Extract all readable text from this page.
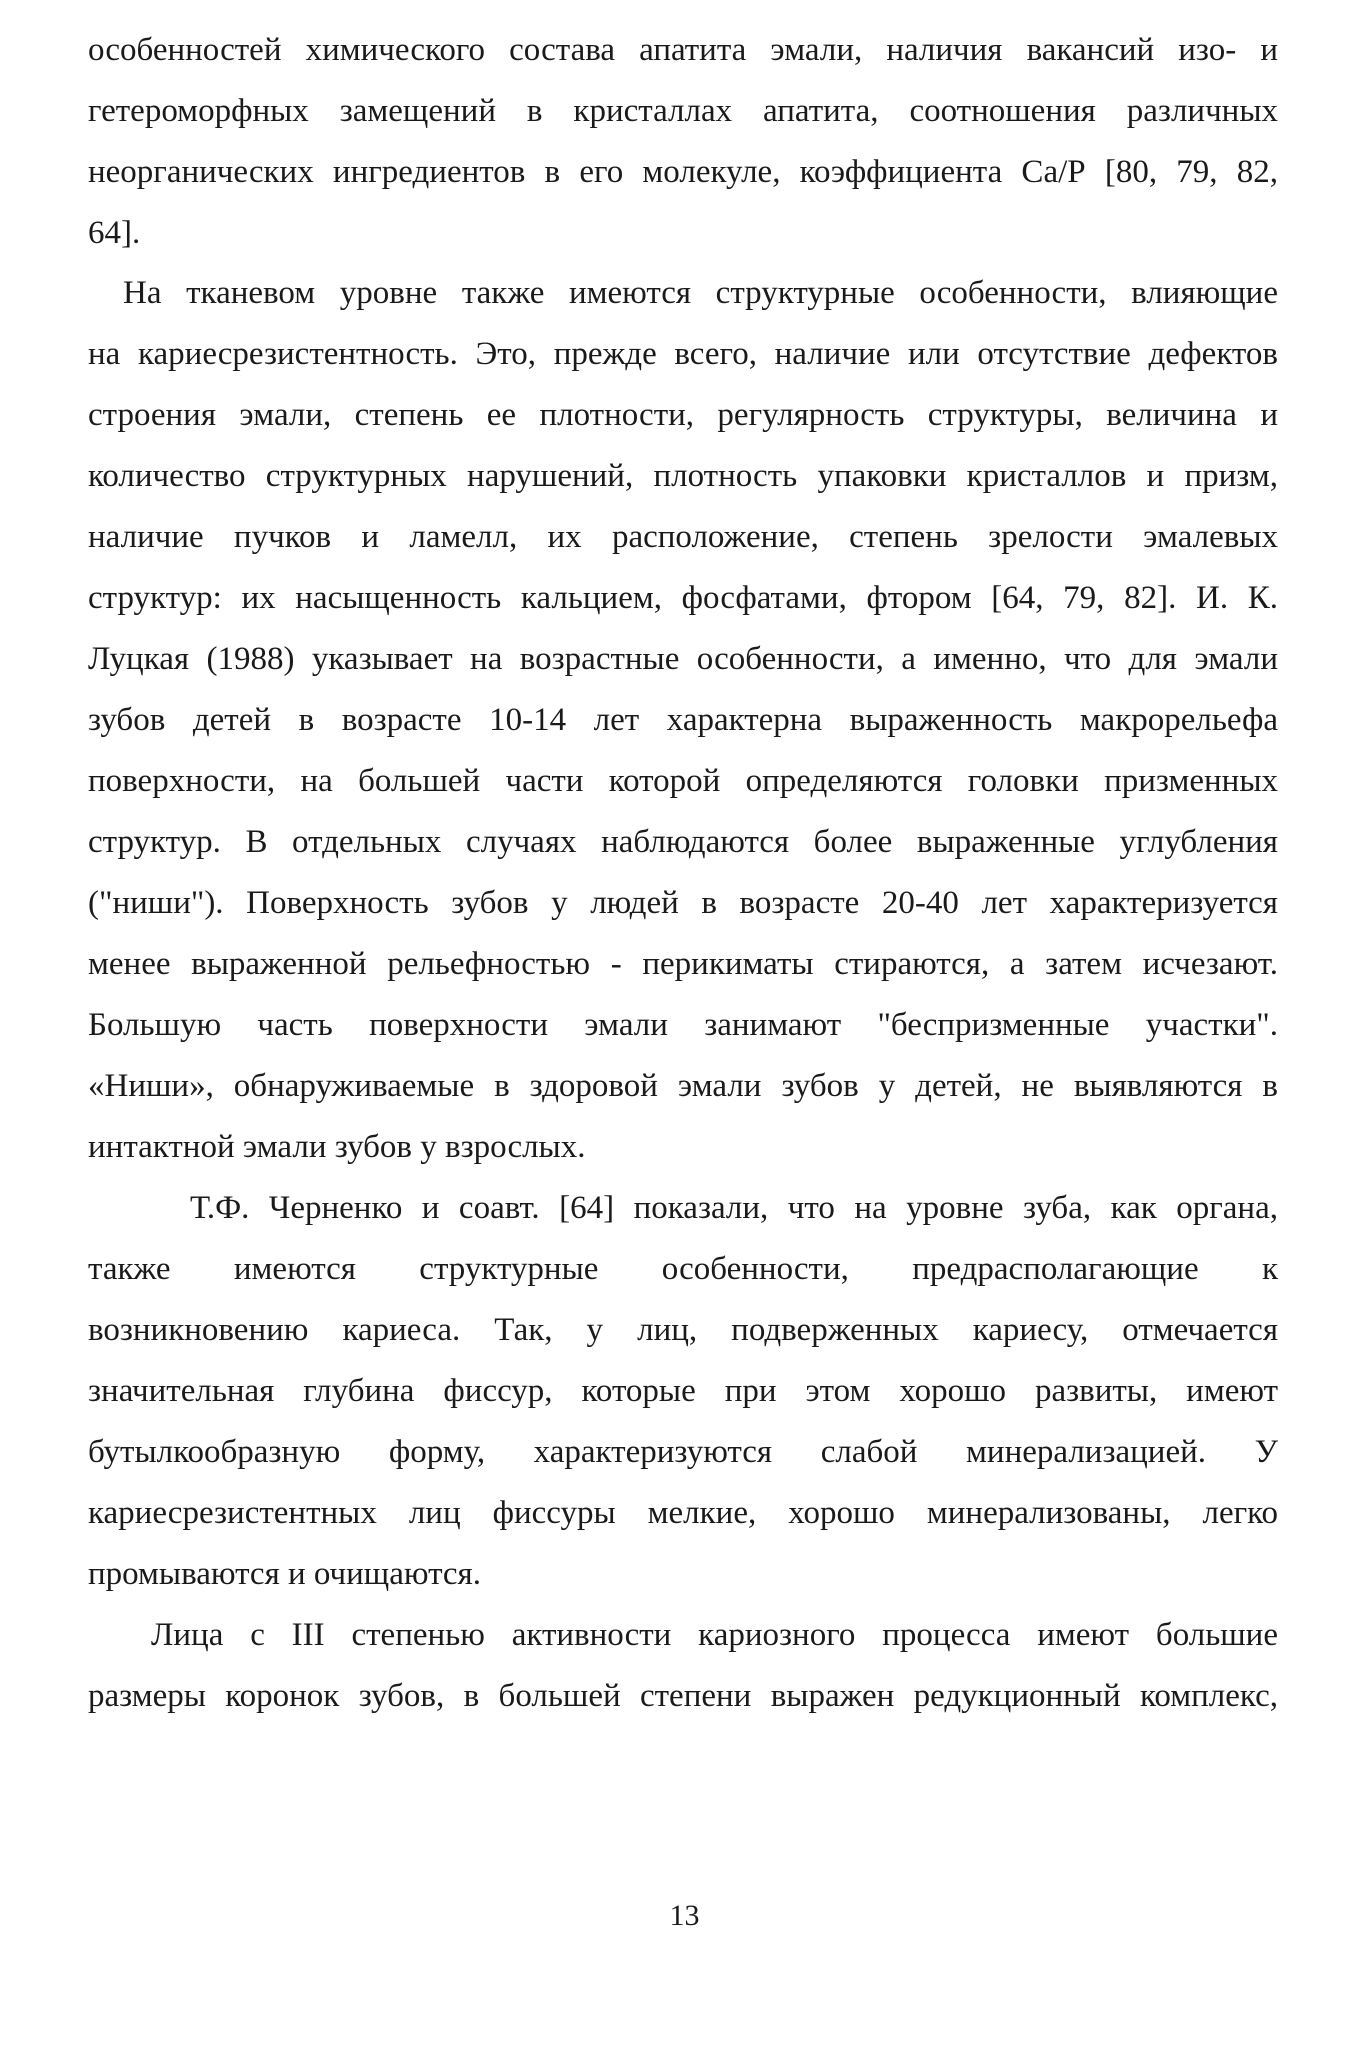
особенностей химического состава апатита эмали, наличия вакансий изо- и
гетероморфных замещений в кристаллах апатита, соотношения различных
неорганических ингредиентов в его молекуле, коэффициента Са/Р [80, 79, 82,
64].
На тканевом уровне также имеются структурные особенности, влияющие
на кариесрезистентность. Это, прежде всего, наличие или отсутствие дефектов
строения эмали, степень ее плотности, регулярность структуры, величина и
количество структурных нарушений, плотность упаковки кристаллов и призм,
наличие пучков и ламелл, их расположение, степень зрелости эмалевых
структур: их насыщенность кальцием, фосфатами, фтором [64, 79, 82]. И. К.
Луцкая (1988) указывает на возрастные особенности, а именно, что для эмали
зубов детей в возрасте 10-14 лет характерна выраженность макрорельефа
поверхности, на большей части которой определяются головки призменных
структур. В отдельных случаях наблюдаются более выраженные углубления
("ниши"). Поверхность зубов у людей в возрасте 20-40 лет характеризуется
менее выраженной рельефностью - перикиматы стираются, а затем исчезают.
Большую часть поверхности эмали занимают "беспризменные участки".
«Ниши», обнаруживаемые в здоровой эмали зубов у детей, не выявляются в
интактной эмали зубов у взрослых.
Т.Ф. Черненко и соавт. [64] показали, что на уровне зуба, как органа,
также имеются структурные особенности, предрасполагающие к
возникновению кариеса. Так, у лиц, подверженных кариесу, отмечается
значительная глубина фиссур, которые при этом хорошо развиты, имеют
бутылкообразную форму, характеризуются слабой минерализацией. У
кариесрезистентных лиц фиссуры мелкие, хорошо минерализованы, легко
промываются и очищаются.
Лица с III степенью активности кариозного процесса имеют большие
размеры коронок зубов, в большей степени выражен редукционный комплекс,
13
